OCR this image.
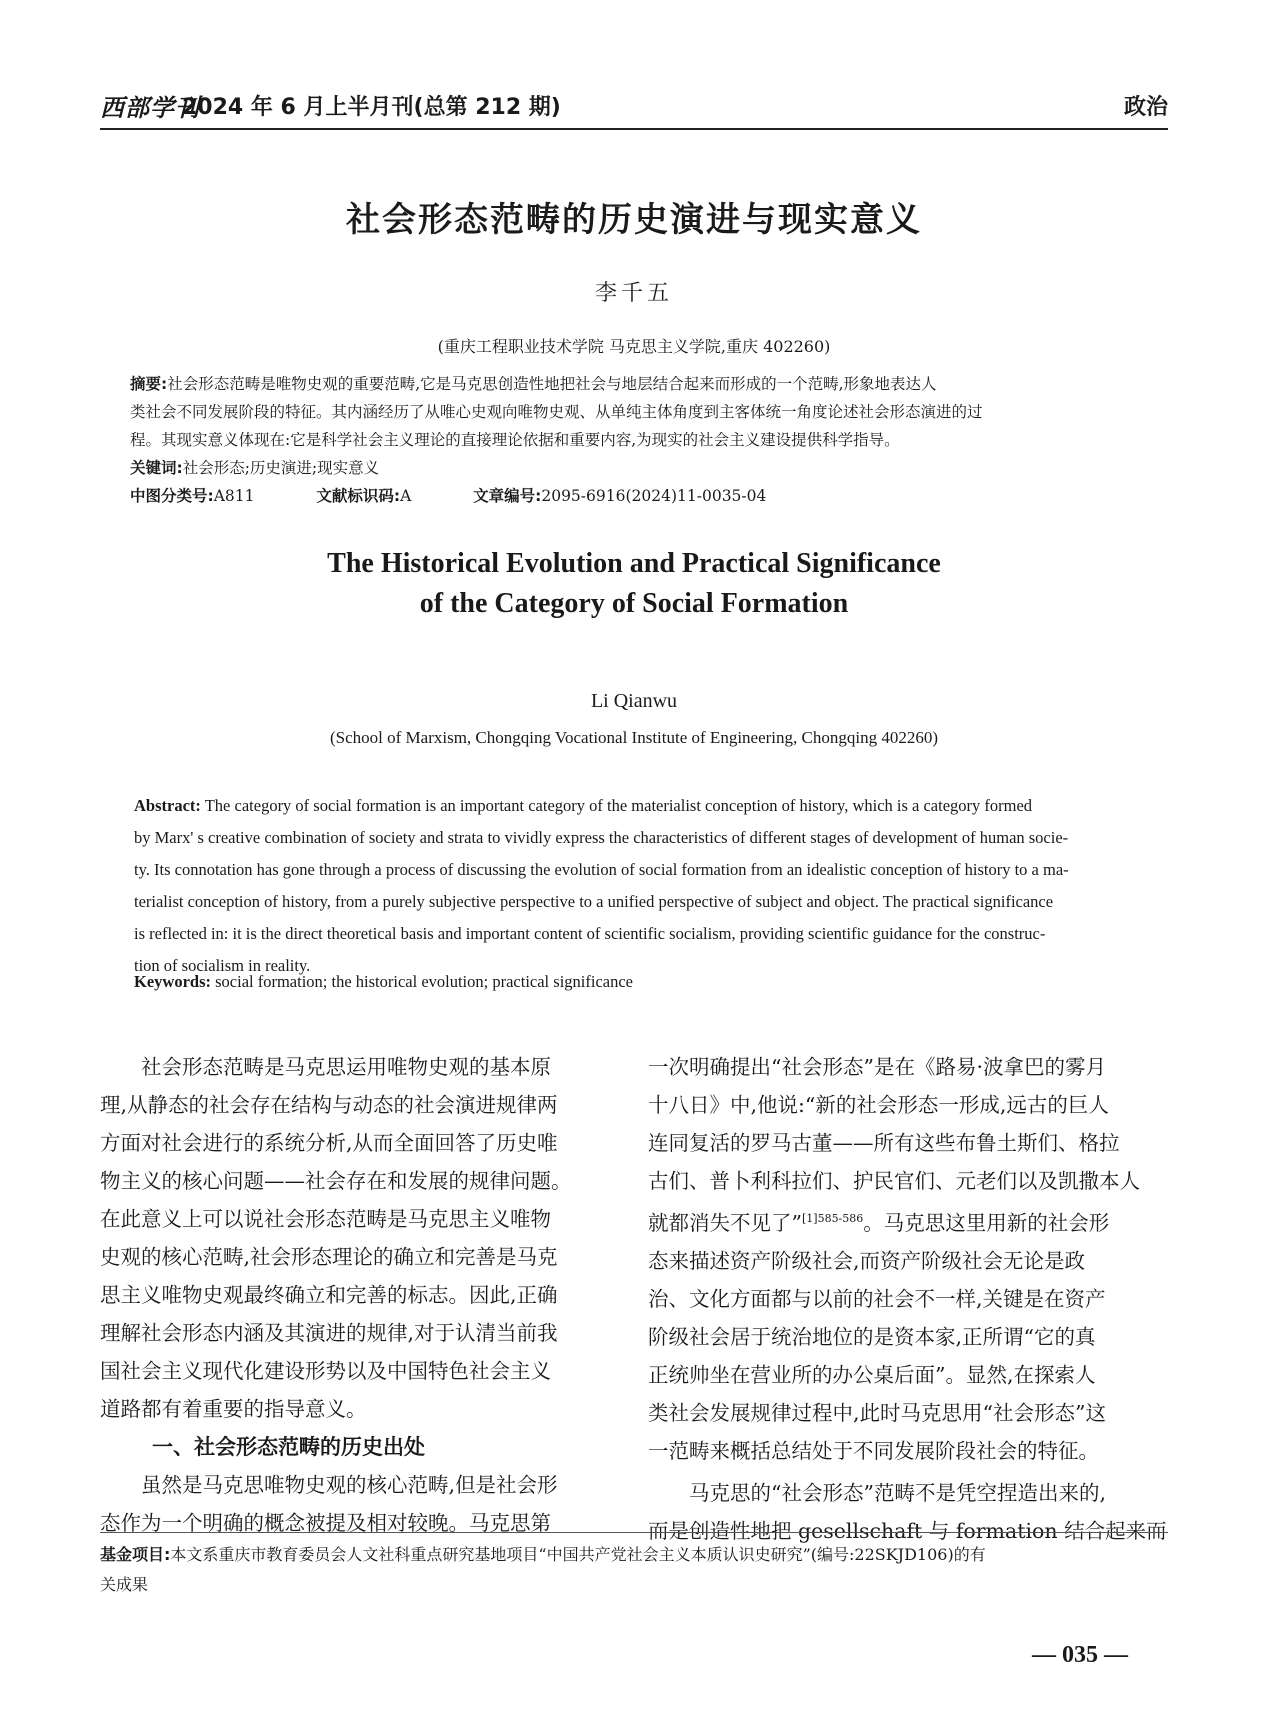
西部学刊
2024 年 6 月上半月刊(总第 212 期)	政治
社会形态范畴的历史演进与现实意义
李千五
(重庆工程职业技术学院 马克思主义学院,重庆 402260)
摘要:社会形态范畴是唯物史观的重要范畴,它是马克思创造性地把社会与地层结合起来而形成的一个范畴,形象地表达人
类社会不同发展阶段的特征。其内涵经历了从唯心史观向唯物史观、从单纯主体角度到主客体统一角度论述社会形态演进的过
程。其现实意义体现在:它是科学社会主义理论的直接理论依据和重要内容,为现实的社会主义建设提供科学指导。
关键词:社会形态;历史演进;现实意义
中图分类号:A811	文献标识码:A	文章编号:2095-6916(2024)11-0035-04
The Historical Evolution and Practical Significance
of the Category of Social Formation
Li Qianwu
(School of Marxism, Chongqing Vocational Institute of Engineering, Chongqing 402260)
Abstract: The category of social formation is an important category of the materialist conception of history, which is a category formed
by Marx' s creative combination of society and strata to vividly express the characteristics of different stages of development of human socie-
ty. Its connotation has gone through a process of discussing the evolution of social formation from an idealistic conception of history to a ma-
terialist conception of history, from a purely subjective perspective to a unified perspective of subject and object. The practical significance
is reflected in: it is the direct theoretical basis and important content of scientific socialism, providing scientific guidance for the construc-
tion of socialism in reality.
Keywords: social formation; the historical evolution; practical significance
社会形态范畴是马克思运用唯物史观的基本原
理,从静态的社会存在结构与动态的社会演进规律两
方面对社会进行的系统分析,从而全面回答了历史唯
物主义的核心问题——社会存在和发展的规律问题。
在此意义上可以说社会形态范畴是马克思主义唯物
史观的核心范畴,社会形态理论的确立和完善是马克
思主义唯物史观最终确立和完善的标志。因此,正确
理解社会形态内涵及其演进的规律,对于认清当前我
国社会主义现代化建设形势以及中国特色社会主义
道路都有着重要的指导意义。
一、社会形态范畴的历史出处
虽然是马克思唯物史观的核心范畴,但是社会形
态作为一个明确的概念被提及相对较晚。马克思第
一次明确提出“社会形态”是在《路易·波拿巴的雾月
十八日》中,他说:“新的社会形态一形成,远古的巨人
连同复活的罗马古董——所有这些布鲁土斯们、格拉
古们、普卜利科拉们、护民官们、元老们以及凯撒本人
就都消失不见了”$^{[1]585-586}$。马克思这里用新的社会形
态来描述资产阶级社会,而资产阶级社会无论是政
治、文化方面都与以前的社会不一样,关键是在资产
阶级社会居于统治地位的是资本家,正所谓“它的真
正统帅坐在营业所的办公桌后面”。显然,在探索人
类社会发展规律过程中,此时马克思用“社会形态”这
一范畴来概括总结处于不同发展阶段社会的特征。
马克思的“社会形态”范畴不是凭空捏造出来的,
而是创造性地把 gesellschaft 与 formation 结合起来而
基金项目:本文系重庆市教育委员会人文社科重点研究基地项目“中国共产党社会主义本质认识史研究”(编号:22SKJD106)的有
关成果
— 035 —
